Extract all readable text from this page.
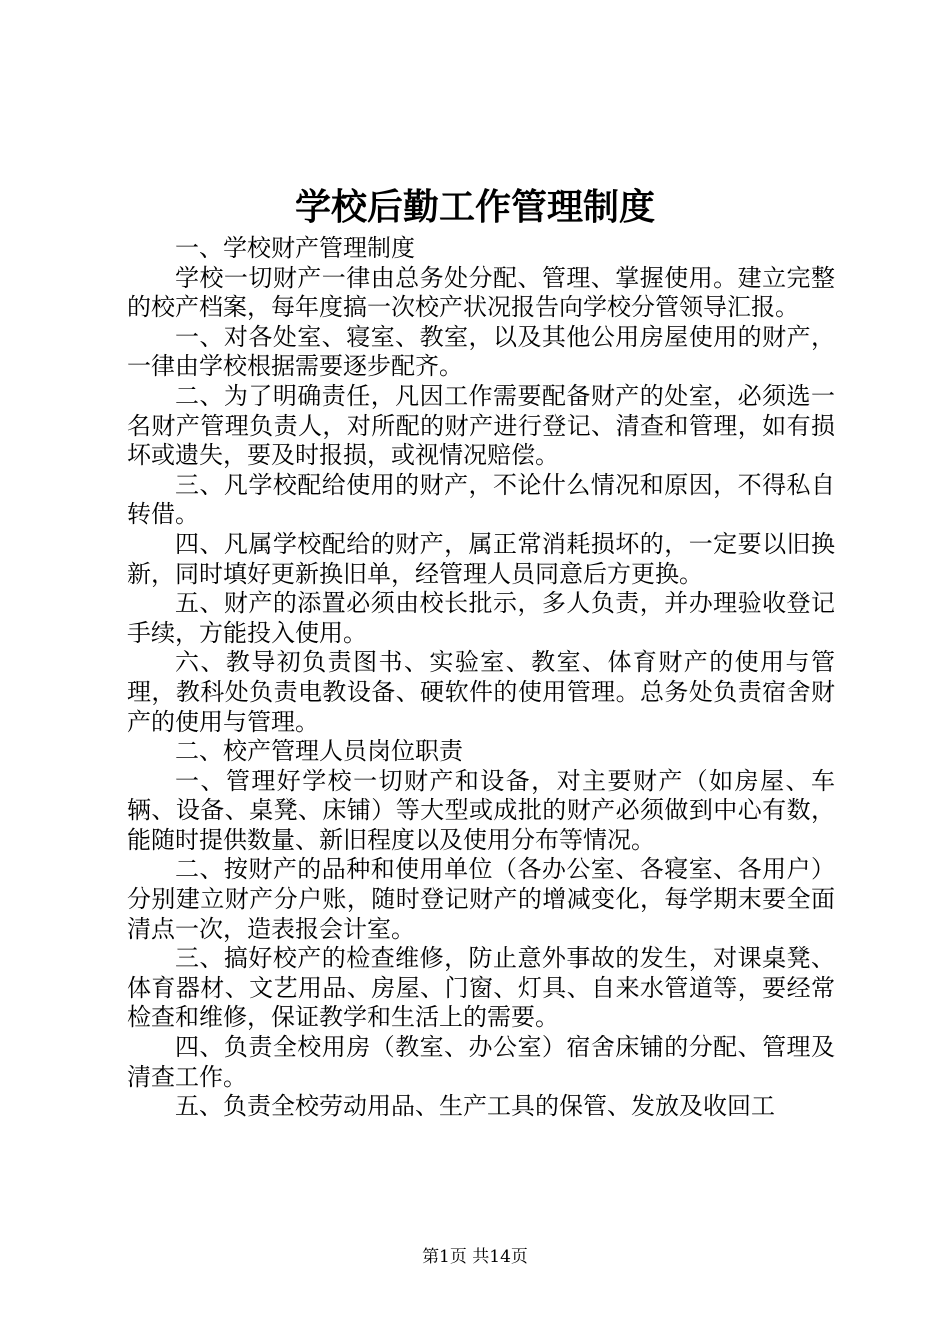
学校后勤工作管理制度

一、学校财产管理制度

学校一切财产一律由总务处分配、管理、掌握使用。建立完整的校产档案，每年度搞一次校产状况报告向学校分管领导汇报。

一、对各处室、寝室、教室，以及其他公用房屋使用的财产，一律由学校根据需要逐步配齐。

二、为了明确责任，凡因工作需要配备财产的处室，必须选一名财产管理负责人，对所配的财产进行登记、清查和管理，如有损坏或遗失，要及时报损，或视情况赔偿。

三、凡学校配给使用的财产，不论什么情况和原因，不得私自转借。

四、凡属学校配给的财产，属正常消耗损坏的，一定要以旧换新，同时填好更新换旧单，经管理人员同意后方更换。

五、财产的添置必须由校长批示，多人负责，并办理验收登记手续，方能投入使用。

六、教导初负责图书、实验室、教室、体育财产的使用与管理，教科处负责电教设备、硬软件的使用管理。总务处负责宿舍财产的使用与管理。

二、校产管理人员岗位职责

一、管理好学校一切财产和设备，对主要财产（如房屋、车辆、设备、桌凳、床铺）等大型或成批的财产必须做到中心有数，能随时提供数量、新旧程度以及使用分布等情况。

二、按财产的品种和使用单位（各办公室、各寝室、各用户）分别建立财产分户账，随时登记财产的增减变化，每学期末要全面清点一次，造表报会计室。

三、搞好校产的检查维修，防止意外事故的发生，对课桌凳、体育器材、文艺用品、房屋、门窗、灯具、自来水管道等，要经常检查和维修，保证教学和生活上的需要。

四、负责全校用房（教室、办公室）宿舍床铺的分配、管理及清查工作。

五、负责全校劳动用品、生产工具的保管、发放及收回工

第1页 共14页
